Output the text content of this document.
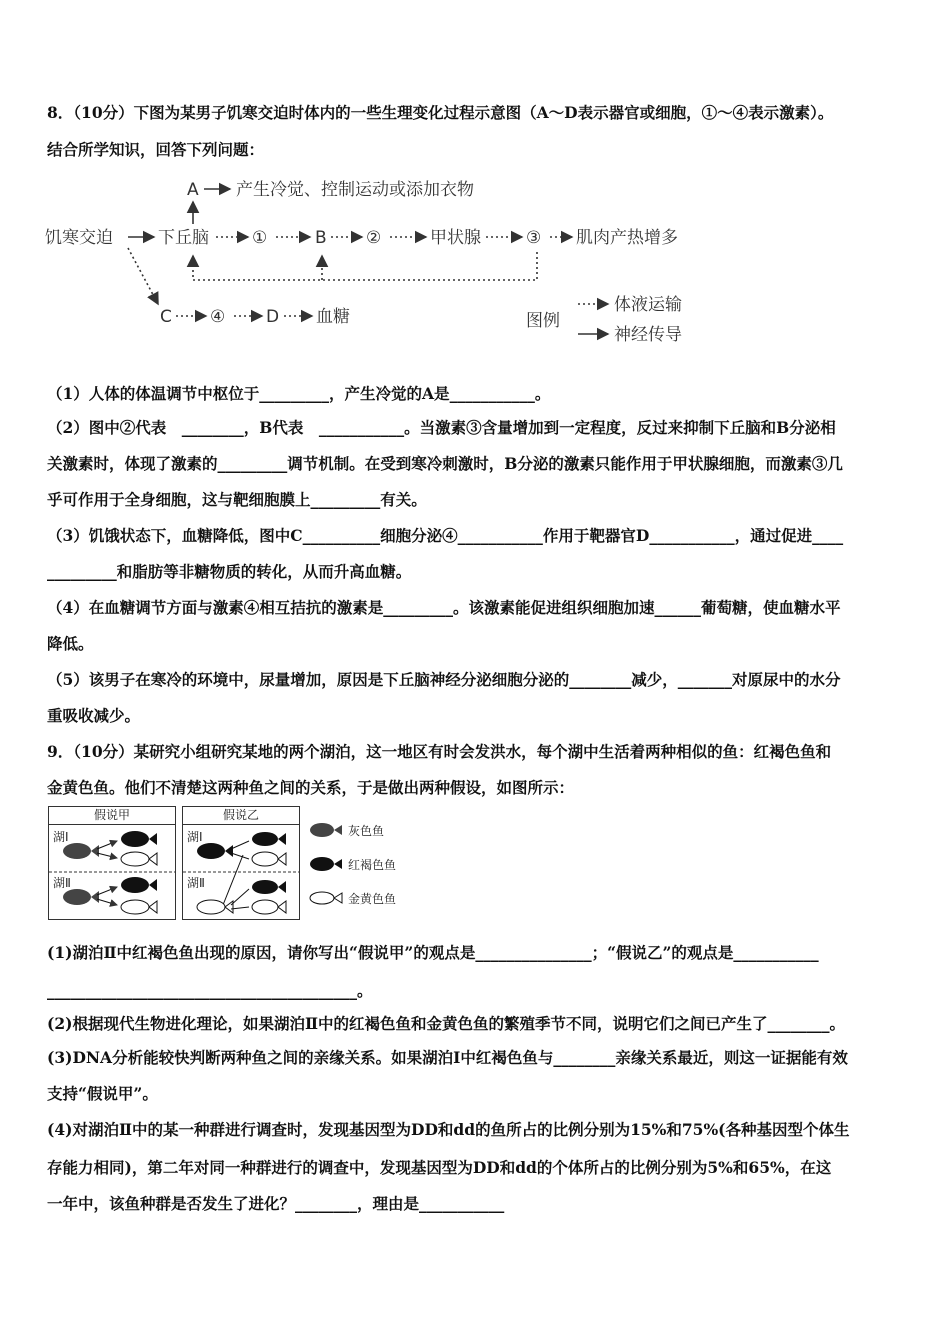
8．（10分）下图为某男子饥寒交迫时体内的一些生理变化过程示意图（A～D表示器官或细胞，①～④表示激素）。
结合所学知识，回答下列问题：
A 产生冷觉、控制运动或添加衣物
饥寒交迫	下丘脑	①	B ②	甲状腺	③ 肌肉产热增多
C ④ D 血糖	图例
体液运输
神经传导
（1）人体的体温调节中枢位于_________，产生冷觉的A是___________。
（2）图中②代表　________，B代表　___________。当激素③含量增加到一定程度，反过来抑制下丘脑和B分泌相
关激素时，体现了激素的_________调节机制。在受到寒冷刺激时，B分泌的激素只能作用于甲状腺细胞，而激素③几
乎可作用于全身细胞，这与靶细胞膜上_________有关。
（3）饥饿状态下，血糖降低，图中C__________细胞分泌④___________作用于靶器官D___________，通过促进____
_________和脂肪等非糖物质的转化，从而升高血糖。
（4）在血糖调节方面与激素④相互拮抗的激素是_________。该激素能促进组织细胞加速______葡萄糖，使血糖水平
降低。
（5）该男子在寒冷的环境中，尿量增加，原因是下丘脑神经分泌细胞分泌的________减少，_______对原尿中的水分
重吸收减少。
9．（10分）某研究小组研究某地的两个湖泊，这一地区有时会发洪水，每个湖中生活着两种相似的鱼：红褐色鱼和
金黄色鱼。他们不清楚这两种鱼之间的关系，于是做出两种假设，如图所示：
假说甲
湖Ⅰ
湖Ⅱ
假说乙
湖Ⅰ
湖Ⅱ
灰色鱼
红褐色鱼
金黄色鱼
(1)湖泊Ⅱ中红褐色鱼出现的原因，请你写出“假说甲”的观点是_______________；“假说乙”的观点是___________
________________________________________。
(2)根据现代生物进化理论，如果湖泊Ⅱ中的红褐色鱼和金黄色鱼的繁殖季节不同，说明它们之间已产生了________。
(3)DNA分析能较快判断两种鱼之间的亲缘关系。如果湖泊Ⅰ中红褐色鱼与________亲缘关系最近，则这一证据能有效
支持“假说甲”。
(4)对湖泊Ⅱ中的某一种群进行调查时，发现基因型为DD和dd的鱼所占的比例分别为15%和75%(各种基因型个体生
存能力相同)，第二年对同一种群进行的调查中，发现基因型为DD和dd的个体所占的比例分别为5%和65%，在这
一年中，该鱼种群是否发生了进化？________，理由是___________
